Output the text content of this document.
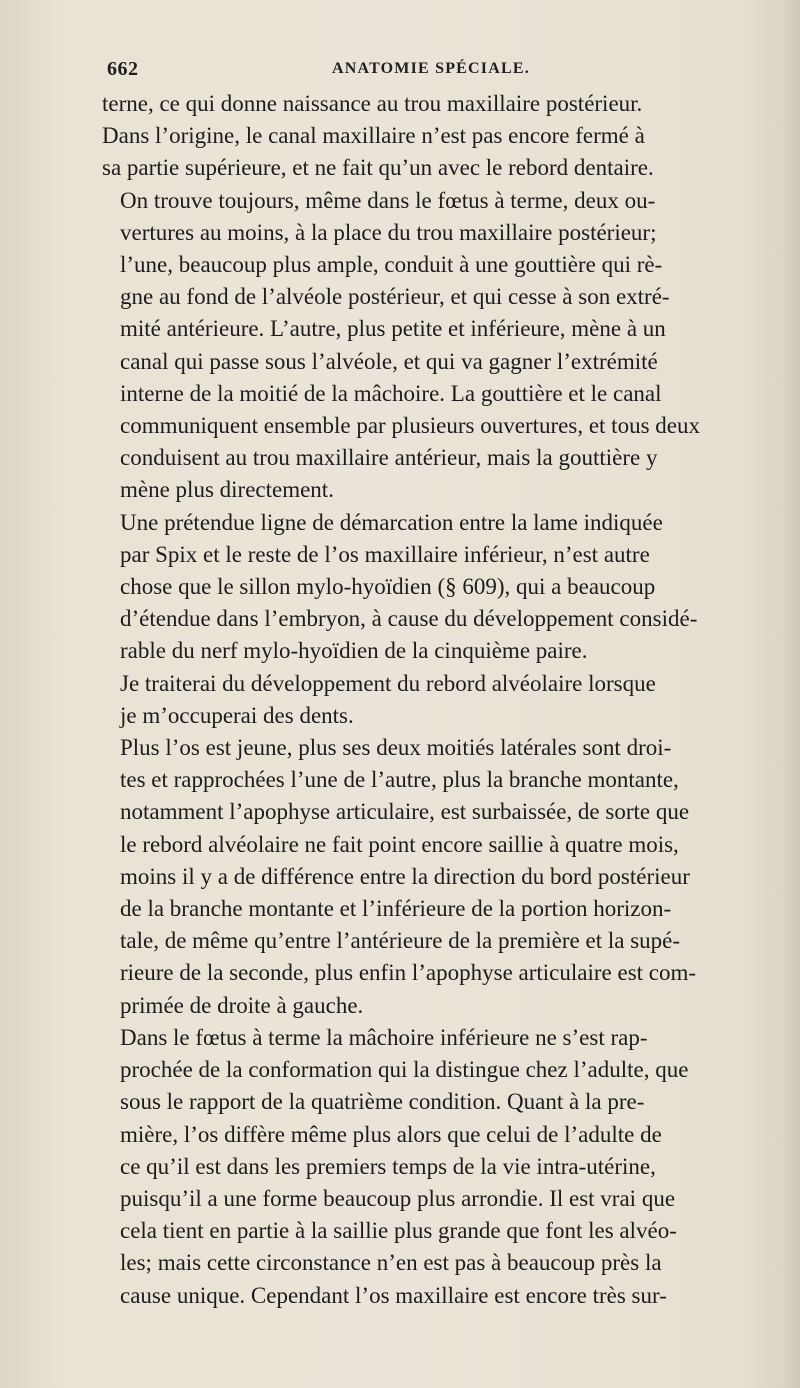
662	ANATOMIE SPÉCIALE.

terne, ce qui donne naissance au trou maxillaire postérieur.
Dans l’origine, le canal maxillaire n’est pas encore fermé à
sa partie supérieure, et ne fait qu’un avec le rebord dentaire.

On trouve toujours, même dans le fœtus à terme, deux ou-
vertures au moins, à la place du trou maxillaire postérieur;
l’une, beaucoup plus ample, conduit à une gouttière qui rè-
gne au fond de l’alvéole postérieur, et qui cesse à son extré-
mité antérieure. L’autre, plus petite et inférieure, mène à un
canal qui passe sous l’alvéole, et qui va gagner l’extrémité
interne de la moitié de la mâchoire. La gouttière et le canal
communiquent ensemble par plusieurs ouvertures, et tous deux
conduisent au trou maxillaire antérieur, mais la gouttière y
mène plus directement.

Une prétendue ligne de démarcation entre la lame indiquée
par Spix et le reste de l’os maxillaire inférieur, n’est autre
chose que le sillon mylo-hyoïdien (§ 609), qui a beaucoup
d’étendue dans l’embryon, à cause du développement considé-
rable du nerf mylo-hyoïdien de la cinquième paire.

Je traiterai du développement du rebord alvéolaire lorsque
je m’occuperai des dents.

Plus l’os est jeune, plus ses deux moitiés latérales sont droi-
tes et rapprochées l’une de l’autre, plus la branche montante,
notamment l’apophyse articulaire, est surbaissée, de sorte que
le rebord alvéolaire ne fait point encore saillie à quatre mois,
moins il y a de différence entre la direction du bord postérieur
de la branche montante et l’inférieure de la portion horizon-
tale, de même qu’entre l’antérieure de la première et la supé-
rieure de la seconde, plus enfin l’apophyse articulaire est com-
primée de droite à gauche.

Dans le fœtus à terme la mâchoire inférieure ne s’est rap-
prochée de la conformation qui la distingue chez l’adulte, que
sous le rapport de la quatrième condition. Quant à la pre-
mière, l’os diffère même plus alors que celui de l’adulte de
ce qu’il est dans les premiers temps de la vie intra-utérine,
puisqu’il a une forme beaucoup plus arrondie. Il est vrai que
cela tient en partie à la saillie plus grande que font les alvéo-
les; mais cette circonstance n’en est pas à beaucoup près la
cause unique. Cependant l’os maxillaire est encore très sur-
